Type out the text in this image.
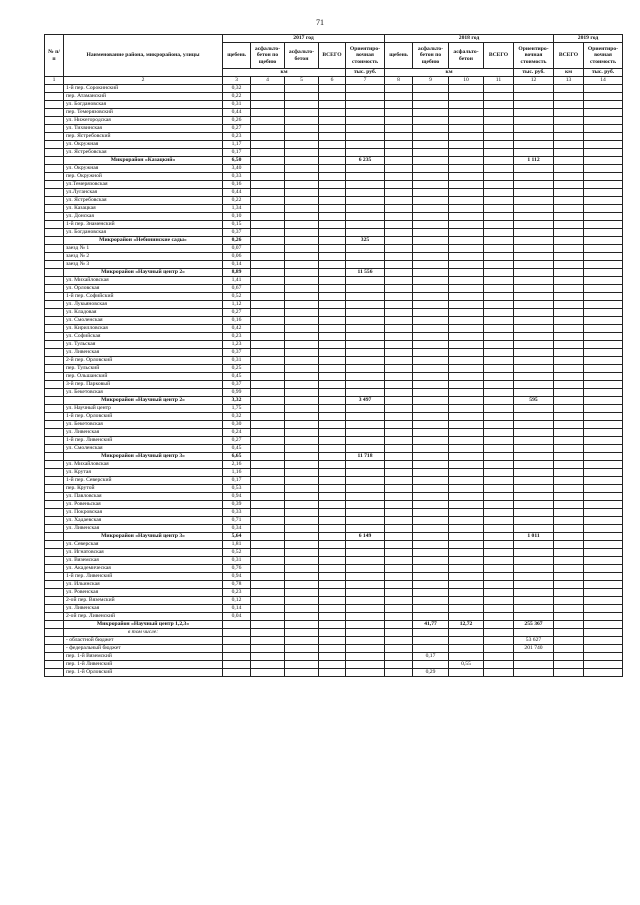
71
№ п/п	Наименование района, микрорайона, улицы	2017 год					2018 год					2019 год	
		щебень	асфальто-бетон по щебню	асфальто-бетон	ВСЕГО	Ориентиро-вочная стоимость	щебень	асфальто-бетон по щебню	асфальто-бетон	ВСЕГО	Ориентиро-вочная стоимость	ВСЕГО	Ориентиро-вочная стоимость
		км				тыс. руб.	км				тыс. руб.	км	тыс. руб.
1	2	3	4	5	6	7	8	9	10	11	12	13	14
	1-й пер. Сорокинский	0,32											
	пер. Атаманский	0,22											
	ул. Богдановская	0,31											
	пер. Темерязовский	0,44											
	ул. Нижегородская	0,26											
	ул. Тихвинская	0,27											
	пер. Ястребовский	0,23											
	ул. Окружная	1,17											
	ул. Ястребовская	0,17											
	Микрорайон «Казацкий»	6,50				6 235					1 112		
	ул. Окружная	3,40											
	пер. Окружной	0,33											
	ул.Темерязовская	0,16											
	ул.Луганская	0,44											
	ул. Ястребовская	0,22											
	ул. Казацкая	1,34											
	ул. Донская	0,10											
	1-й пер. Знаменский	0,15											
	ул. Богдановская	0,37											
	Микрорайон «Небининские сады»	0,26				325							
	заезд № 1	0,07											
	заезд № 2	0,06											
	заезд № 3	0,14											
	Микрорайон «Научный центр 2»	8,89				11 556							
	ул. Михайловская	1,41											
	ул. Орловская	0,67											
	1-й пер. Софийский	0,52											
	ул. Лукьяновская	1,12											
	ул. Кладовая	0,27											
	ул. Смоленская	0,16											
	ул. Кирилловская	0,42											
	ул. Софийская	0,23											
	ул. Тульская	1,23											
	ул. Ливенская	0,37											
	2-й пер. Орловский	0,31											
	пер. Тульский	0,25											
	пер. Ольшанский	0,45											
	3-й пер. Парковый	0,37											
	ул. Бекетовская	0,99											
	Микрорайон «Научный центр 2»	3,32				3 497					595		
	ул. Научный центр	1,75											
	1-й пер. Орловский	0,32											
	ул. Бекетовская	0,30											
	ул. Ливенская	0,24											
	1-й пер. Ливенский	0,27											
	ул. Смоленская	0,45											
	Микрорайон «Научный центр 3»	6,65				11 718							
	ул. Михайловская	2,16											
	ул. Крутая	1,16											
	1-й пер. Северский	0,17											
	пер. Крутой	0,53											
	ул. Павловская	0,94											
	ул. Ровеньская	0,39											
	ул. Покровская	0,33											
	ул. Хадаевская	0,71											
	ул. Ливенская	0,34											
	Микрорайон «Научный центр 3»	5,64				6 149					1 011		
	ул. Северская	1,81											
	ул. Игнатовская	0,52											
	ул. Вяземская	0,31											
	ул. Академическая	0,76											
	1-й пер. Ливенский	0,94											
	ул. Ильинская	0,78											
	ул. Ровенская	0,23											
	2-ой пер. Вяземский	0,12											
	ул. Ливенская	0,14											
	2-ой пер. Ливенский	0,04											
	Микрорайон «Научный центр 1,2,3»							41,77	12,72		255 367		
	в том числе:												
	- областной бюджет										53 627		
	- федеральный бюджет										201 740		
	пер. 1-й Вяземский							0,17					
	пер. 1-й Ливенский								0,55				
	пер. 1-й Орловский							0,29					
